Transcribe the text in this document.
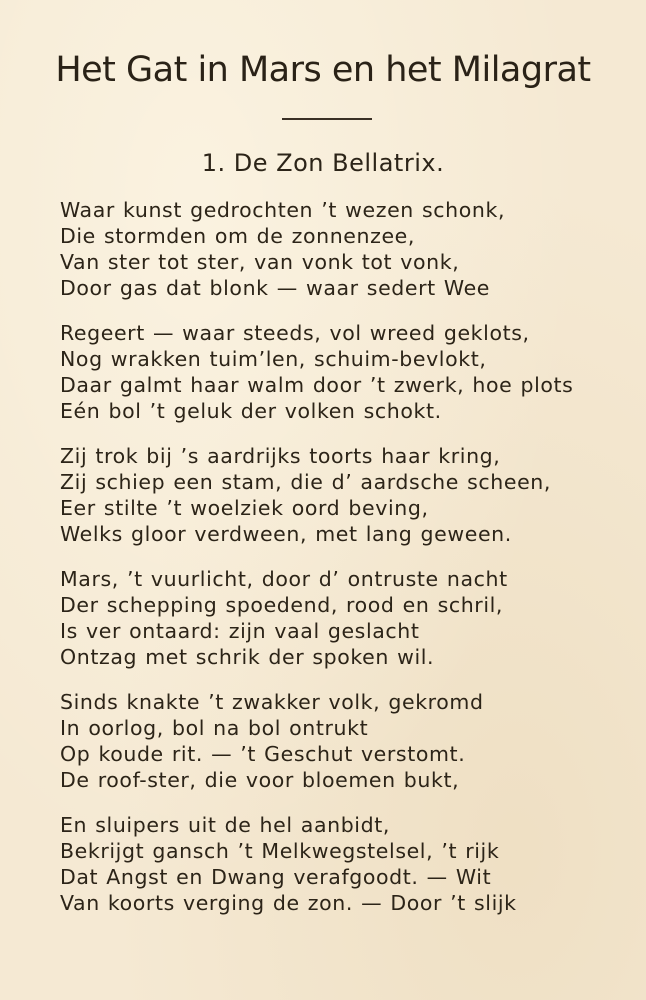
Het Gat in Mars en het Milagrat
1. De Zon Bellatrix.
Waar kunst gedrochten ’t wezen schonk,
Die stormden om de zonnenzee,
Van ster tot ster, van vonk tot vonk,
Door gas dat blonk — waar sedert Wee
Regeert — waar steeds, vol wreed geklots,
Nog wrakken tuim’len, schuim-bevlokt,
Daar galmt haar walm door ’t zwerk, hoe plots
Eén bol ’t geluk der volken schokt.
Zij trok bij ’s aardrijks toorts haar kring,
Zij schiep een stam, die d’ aardsche scheen,
Eer stilte ’t woelziek oord beving,
Welks gloor verdween, met lang geween.
Mars, ’t vuurlicht, door d’ ontruste nacht
Der schepping spoedend, rood en schril,
Is ver ontaard: zijn vaal geslacht
Ontzag met schrik der spoken wil.
Sinds knakte ’t zwakker volk, gekromd
In oorlog, bol na bol ontrukt
Op koude rit. — ’t Geschut verstomt.
De roof-ster, die voor bloemen bukt,
En sluipers uit de hel aanbidt,
Bekrijgt gansch ’t Melkwegstelsel, ’t rijk
Dat Angst en Dwang verafgoodt. — Wit
Van koorts verging de zon. — Door ’t slijk
